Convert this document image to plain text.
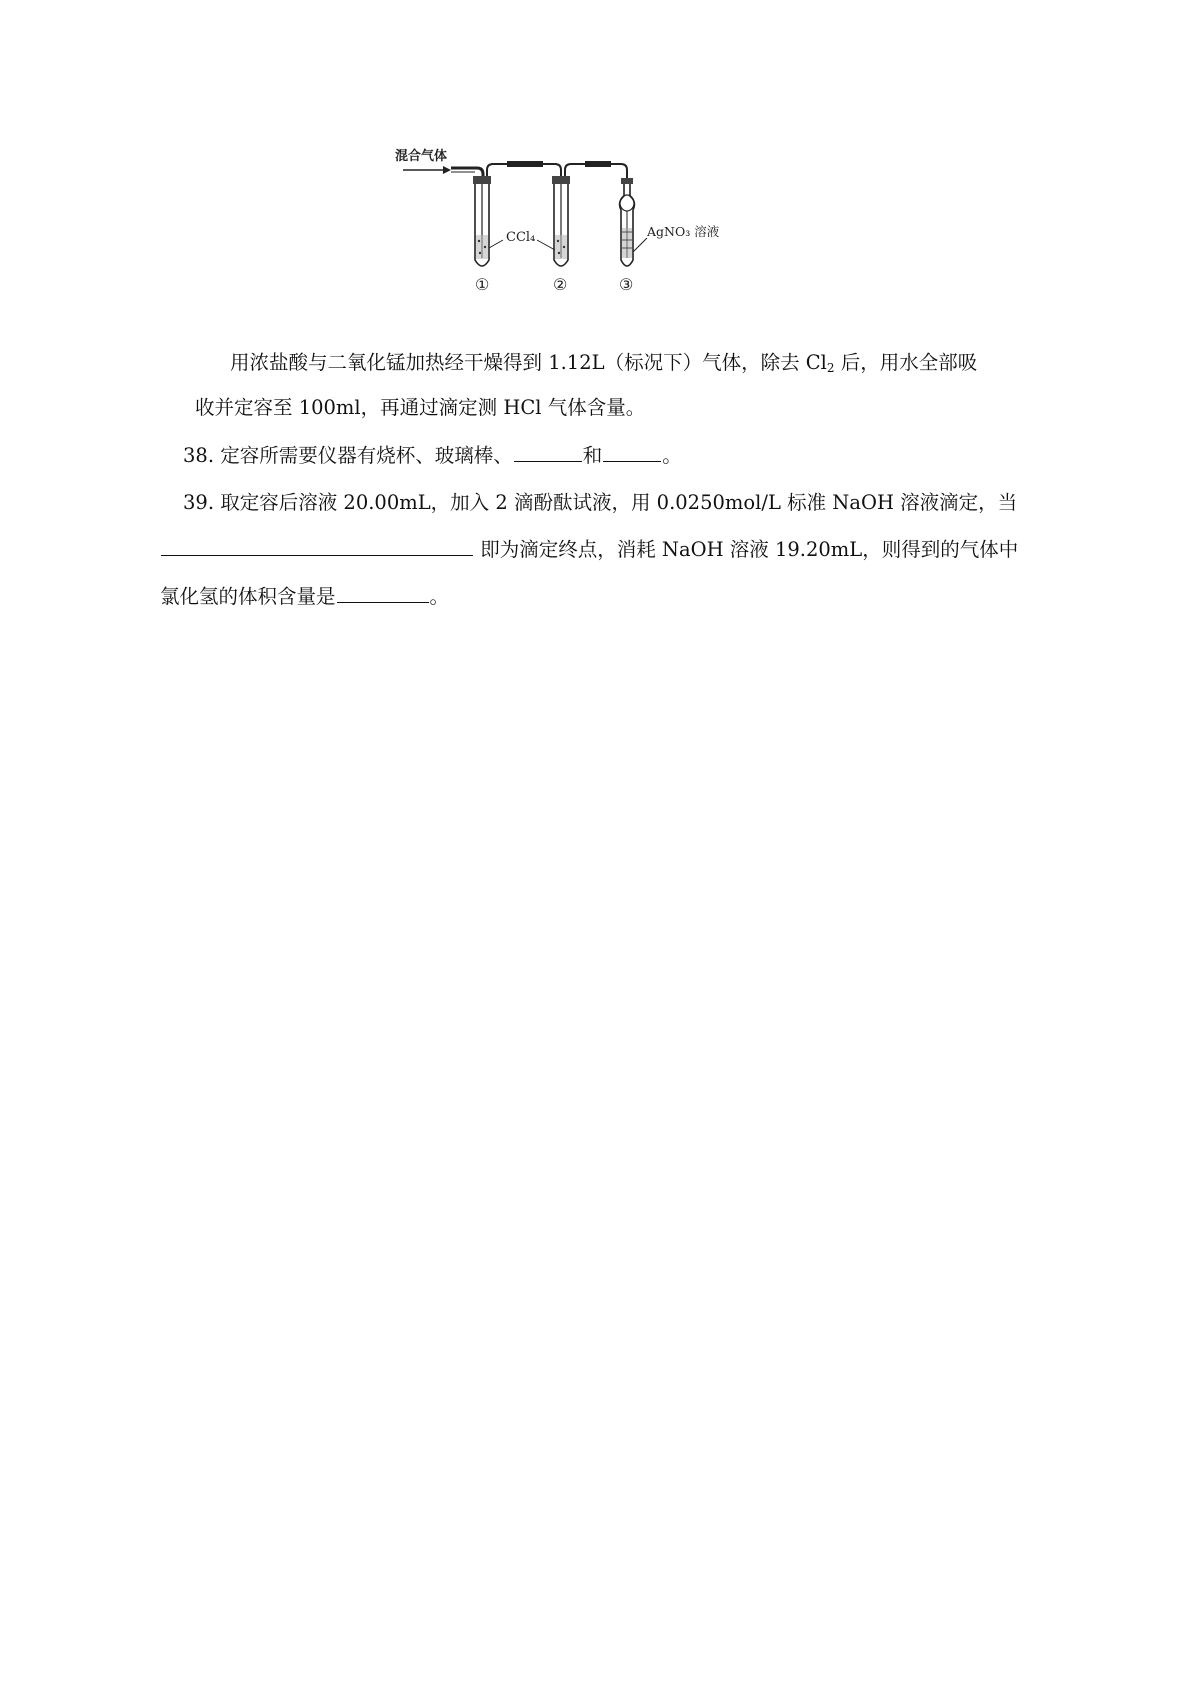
混合气体
CCl₄	AgNO₃ 溶液
①	②	③
用浓盐酸与二氧化锰加热经干燥得到 1.12L（标况下）气体，除去 $Cl_2$ 后，用水全部吸
收并定容至 100ml，再通过滴定测 HCl 气体含量。
38. 定容所需要仪器有烧杯、玻璃棒、	和	。
39. 取定容后溶液 20.00mL，加入 2 滴酚酞试液，用 0.0250mol/L 标准 NaOH 溶液滴定，当
即为滴定终点，消耗 NaOH 溶液 19.20mL，则得到的气体中
氯化氢的体积含量是	。
